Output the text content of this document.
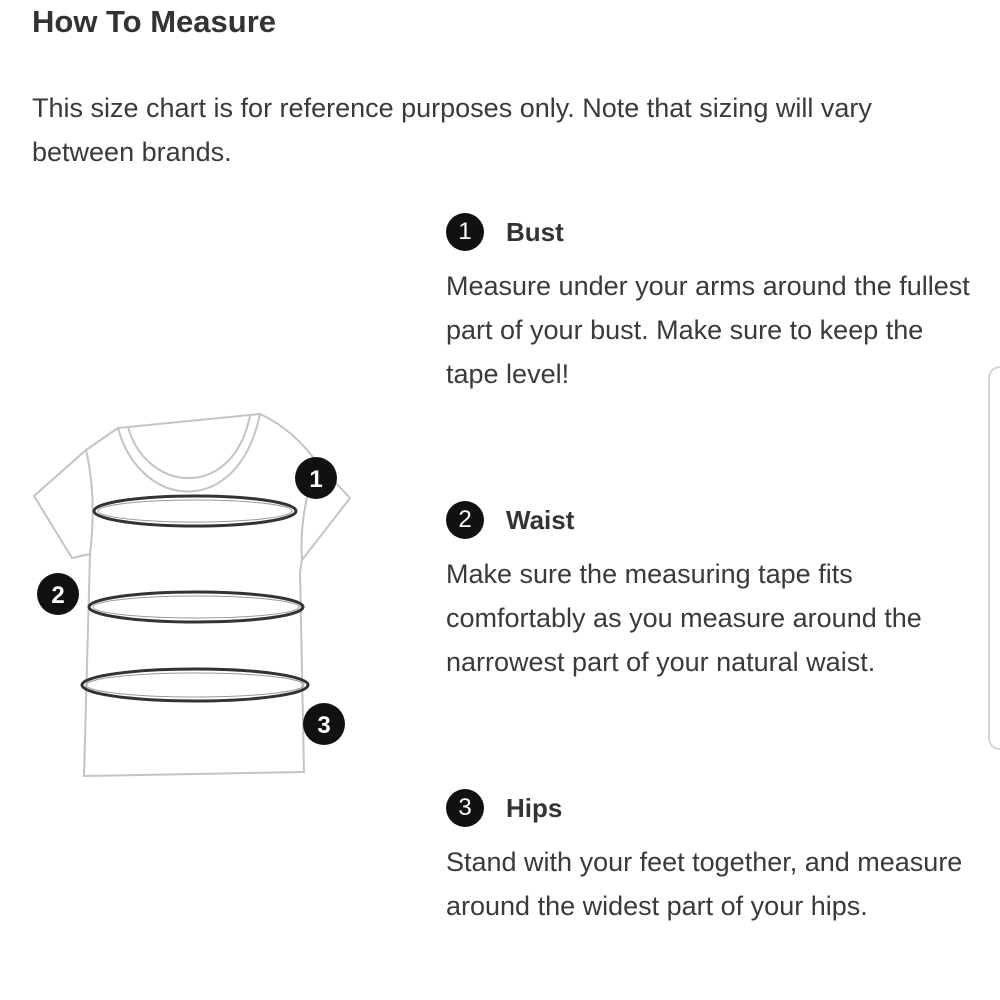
How To Measure

This size chart is for reference purposes only. Note that sizing will vary between brands.

1
2
3
1	Bust

Measure under your arms around the fullest part of your bust. Make sure to keep the tape level!

2	Waist

Make sure the measuring tape fits comfortably as you measure around the narrowest part of your natural waist.

3	Hips

Stand with your feet together, and measure around the widest part of your hips.
